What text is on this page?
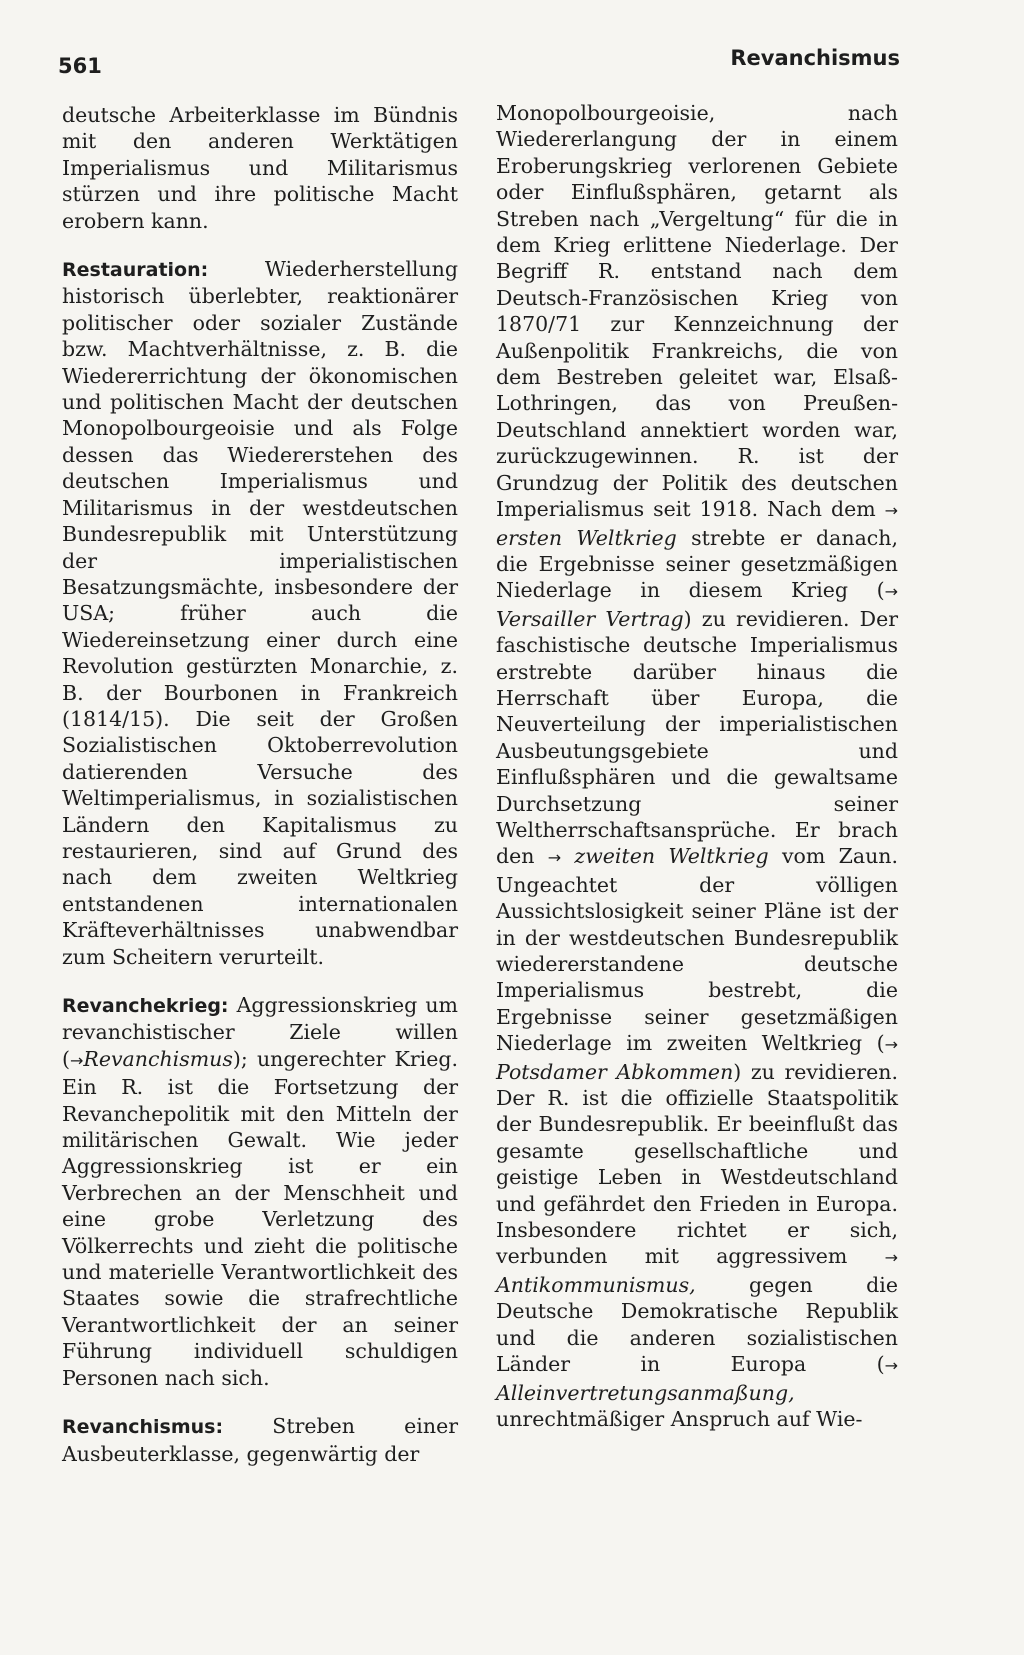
561	Revanchismus

deutsche Arbeiterklasse im Bündnis mit den anderen Werktätigen Imperialismus und Militarismus stürzen und ihre politische Macht erobern kann.

Restauration: Wiederherstellung historisch überlebter, reaktionärer politischer oder sozialer Zustände bzw. Machtverhältnisse, z. B. die Wiedererrichtung der ökonomischen und politischen Macht der deutschen Monopolbourgeoisie und als Folge dessen das Wiedererstehen des deutschen Imperialismus und Militarismus in der westdeutschen Bundesrepublik mit Unterstützung der imperialistischen Besatzungsmächte, insbesondere der USA; früher auch die Wiedereinsetzung einer durch eine Revolution gestürzten Monarchie, z. B. der Bourbonen in Frankreich (1814/15). Die seit der Großen Sozialistischen Oktoberrevolution datierenden Versuche des Weltimperialismus, in sozialistischen Ländern den Kapitalismus zu restaurieren, sind auf Grund des nach dem zweiten Weltkrieg entstandenen internationalen Kräfteverhältnisses unabwendbar zum Scheitern verurteilt.

Revanchekrieg: Aggressionskrieg um revanchistischer Ziele willen (→Revanchismus); ungerechter Krieg. Ein R. ist die Fortsetzung der Revanchepolitik mit den Mitteln der militärischen Gewalt. Wie jeder Aggressionskrieg ist er ein Verbrechen an der Menschheit und eine grobe Verletzung des Völkerrechts und zieht die politische und materielle Verantwortlichkeit des Staates sowie die strafrechtliche Verantwortlichkeit der an seiner Führung individuell schuldigen Personen nach sich.

Revanchismus: Streben einer Ausbeuterklasse, gegenwärtig der

Monopolbourgeoisie, nach Wiedererlangung der in einem Eroberungskrieg verlorenen Gebiete oder Einflußsphären, getarnt als Streben nach „Vergeltung“ für die in dem Krieg erlittene Niederlage. Der Begriff R. entstand nach dem Deutsch-Französischen Krieg von 1870/71 zur Kennzeichnung der Außenpolitik Frankreichs, die von dem Bestreben geleitet war, Elsaß-Lothringen, das von Preußen-Deutschland annektiert worden war, zurückzugewinnen. R. ist der Grundzug der Politik des deutschen Imperialismus seit 1918. Nach dem → ersten Weltkrieg strebte er danach, die Ergebnisse seiner gesetzmäßigen Niederlage in diesem Krieg (→ Versailler Vertrag) zu revidieren. Der faschistische deutsche Imperialismus erstrebte darüber hinaus die Herrschaft über Europa, die Neuverteilung der imperialistischen Ausbeutungsgebiete und Einflußsphären und die gewaltsame Durchsetzung seiner Weltherrschaftsansprüche. Er brach den → zweiten Weltkrieg vom Zaun. Ungeachtet der völligen Aussichtslosigkeit seiner Pläne ist der in der westdeutschen Bundesrepublik wiedererstandene deutsche Imperialismus bestrebt, die Ergebnisse seiner gesetzmäßigen Niederlage im zweiten Weltkrieg (→ Potsdamer Abkommen) zu revidieren. Der R. ist die offizielle Staatspolitik der Bundesrepublik. Er beeinflußt das gesamte gesellschaftliche und geistige Leben in Westdeutschland und gefährdet den Frieden in Europa. Insbesondere richtet er sich, verbunden mit aggressivem → Antikommunismus, gegen die Deutsche Demokratische Republik und die anderen sozialistischen Länder in Europa (→ Alleinvertretungsanmaßung, unrechtmäßiger Anspruch auf Wie-
